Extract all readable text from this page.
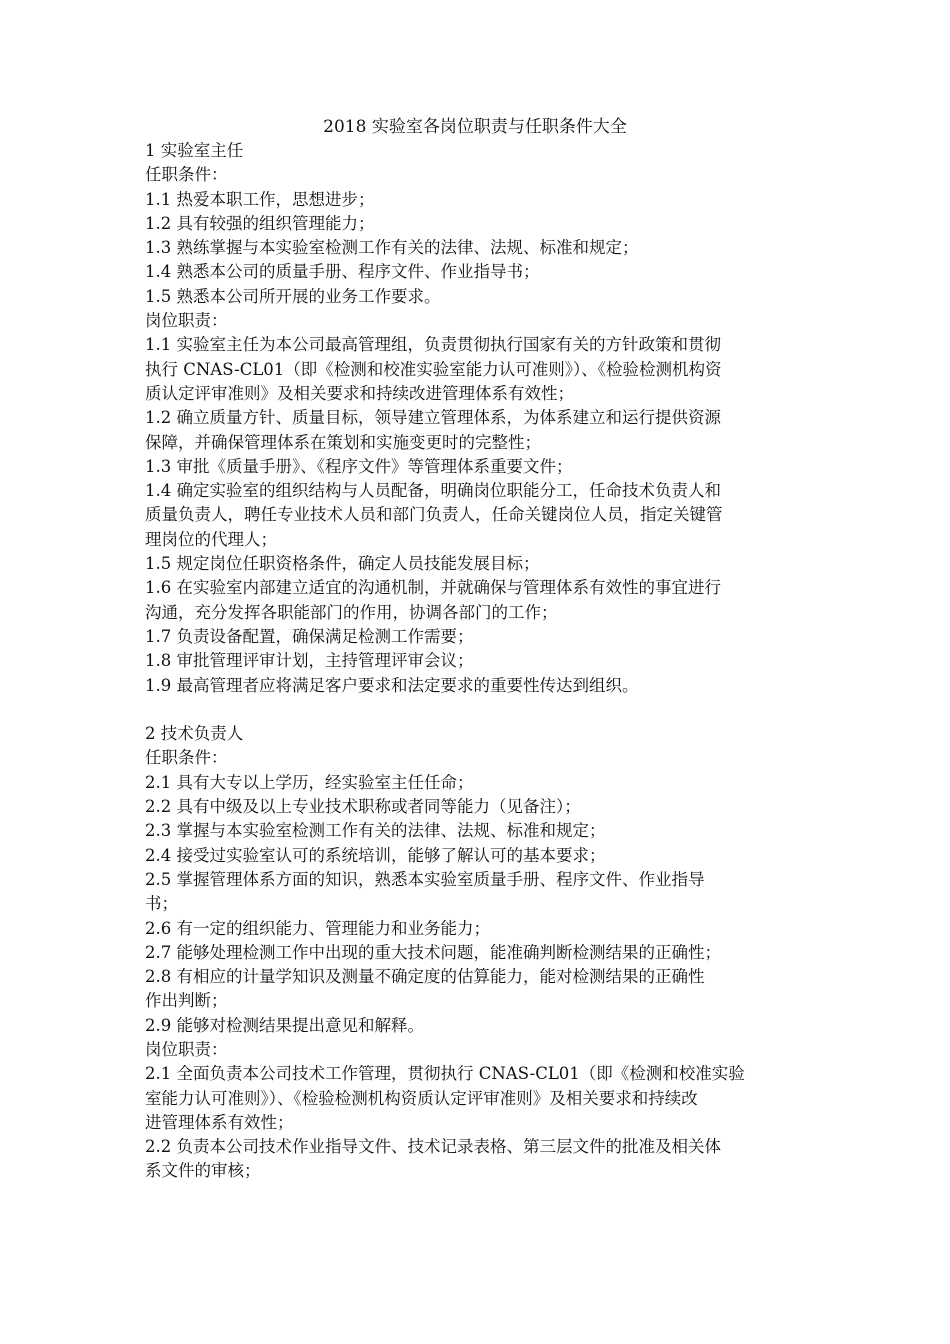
2018 实验室各岗位职责与任职条件大全
1 实验室主任
任职条件：
1.1 热爱本职工作，思想进步；
1.2 具有较强的组织管理能力；
1.3 熟练掌握与本实验室检测工作有关的法律、法规、标准和规定；
1.4 熟悉本公司的质量手册、程序文件、作业指导书；
1.5 熟悉本公司所开展的业务工作要求。
岗位职责：
1.1 实验室主任为本公司最高管理组，负责贯彻执行国家有关的方针政策和贯彻
执行 CNAS-CL01（即《检测和校准实验室能力认可准则》）、《检验检测机构资
质认定评审准则》及相关要求和持续改进管理体系有效性；
1.2 确立质量方针、质量目标，领导建立管理体系，为体系建立和运行提供资源
保障，并确保管理体系在策划和实施变更时的完整性；
1.3 审批《质量手册》、《程序文件》等管理体系重要文件；
1.4 确定实验室的组织结构与人员配备，明确岗位职能分工，任命技术负责人和
质量负责人，聘任专业技术人员和部门负责人，任命关键岗位人员，指定关键管
理岗位的代理人；
1.5 规定岗位任职资格条件，确定人员技能发展目标；
1.6 在实验室内部建立适宜的沟通机制，并就确保与管理体系有效性的事宜进行
沟通，充分发挥各职能部门的作用，协调各部门的工作；
1.7 负责设备配置，确保满足检测工作需要；
1.8 审批管理评审计划，主持管理评审会议；
1.9 最高管理者应将满足客户要求和法定要求的重要性传达到组织。
2 技术负责人
任职条件：
2.1 具有大专以上学历，经实验室主任任命；
2.2 具有中级及以上专业技术职称或者同等能力（见备注）；
2.3 掌握与本实验室检测工作有关的法律、法规、标准和规定；
2.4 接受过实验室认可的系统培训，能够了解认可的基本要求；
2.5 掌握管理体系方面的知识，熟悉本实验室质量手册、程序文件、作业指导
书；
2.6 有一定的组织能力、管理能力和业务能力；
2.7 能够处理检测工作中出现的重大技术问题，能准确判断检测结果的正确性；
2.8 有相应的计量学知识及测量不确定度的估算能力，能对检测结果的正确性
作出判断；
2.9 能够对检测结果提出意见和解释。
岗位职责：
2.1 全面负责本公司技术工作管理，贯彻执行 CNAS-CL01（即《检测和校准实验
室能力认可准则》）、《检验检测机构资质认定评审准则》及相关要求和持续改
进管理体系有效性；
2.2 负责本公司技术作业指导文件、技术记录表格、第三层文件的批准及相关体
系文件的审核；
